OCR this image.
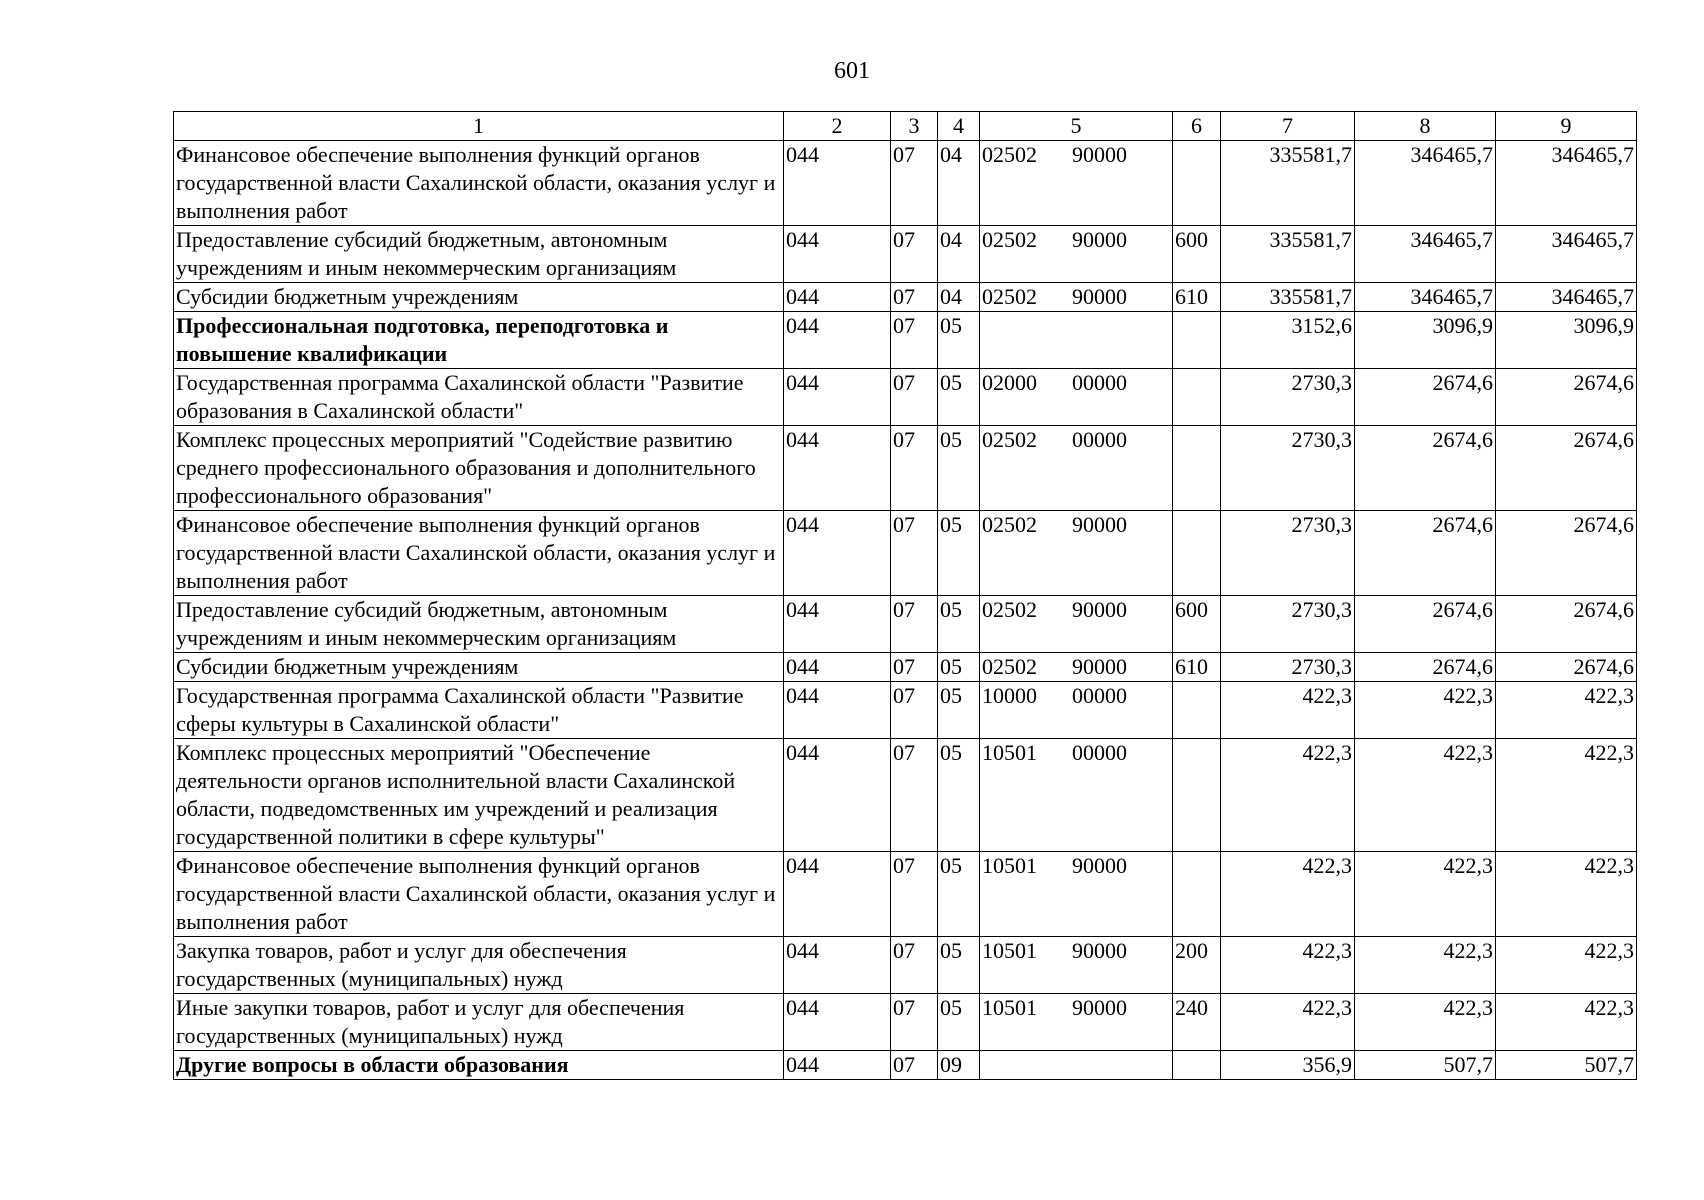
601
1	2	3	4	5	6	7	8	9
Финансовое обеспечение выполнения функций органов государственной власти Сахалинской области, оказания услуг и выполнения работ	044	07	04	02502 90000		335581,7	346465,7	346465,7
Предоставление субсидий бюджетным, автономным учреждениям и иным некоммерческим организациям	044	07	04	02502 90000	600	335581,7	346465,7	346465,7
Субсидии бюджетным учреждениям	044	07	04	02502 90000	610	335581,7	346465,7	346465,7
Профессиональная подготовка, переподготовка и повышение квалификации	044	07	05			3152,6	3096,9	3096,9
Государственная программа Сахалинской области "Развитие образования в Сахалинской области"	044	07	05	02000 00000		2730,3	2674,6	2674,6
Комплекс процессных мероприятий "Содействие развитию среднего профессионального образования и дополнительного профессионального образования"	044	07	05	02502 00000		2730,3	2674,6	2674,6
Финансовое обеспечение выполнения функций органов государственной власти Сахалинской области, оказания услуг и выполнения работ	044	07	05	02502 90000		2730,3	2674,6	2674,6
Предоставление субсидий бюджетным, автономным учреждениям и иным некоммерческим организациям	044	07	05	02502 90000	600	2730,3	2674,6	2674,6
Субсидии бюджетным учреждениям	044	07	05	02502 90000	610	2730,3	2674,6	2674,6
Государственная программа Сахалинской области "Развитие сферы культуры в Сахалинской области"	044	07	05	10000 00000		422,3	422,3	422,3
Комплекс процессных мероприятий "Обеспечение деятельности органов исполнительной власти Сахалинской области, подведомственных им учреждений и реализация государственной политики в сфере культуры"	044	07	05	10501 00000		422,3	422,3	422,3
Финансовое обеспечение выполнения функций органов государственной власти Сахалинской области, оказания услуг и выполнения работ	044	07	05	10501 90000		422,3	422,3	422,3
Закупка товаров, работ и услуг для обеспечения государственных (муниципальных) нужд	044	07	05	10501 90000	200	422,3	422,3	422,3
Иные закупки товаров, работ и услуг для обеспечения государственных (муниципальных) нужд	044	07	05	10501 90000	240	422,3	422,3	422,3
Другие вопросы в области образования	044	07	09			356,9	507,7	507,7
